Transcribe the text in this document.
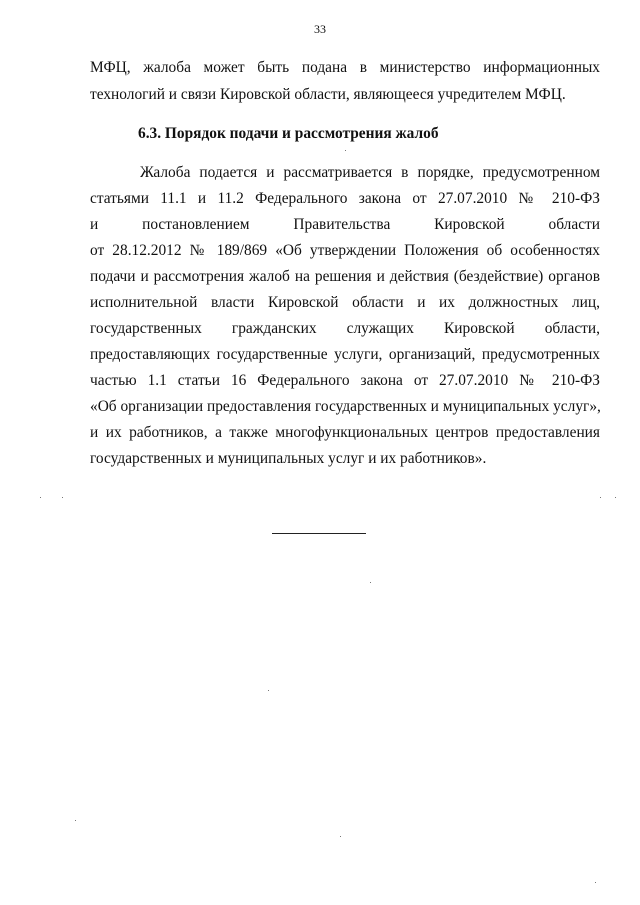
33
МФЦ, жалоба может быть подана в министерство информационных
технологий и связи Кировской области, являющееся учредителем МФЦ.
6.3. Порядок подачи и рассмотрения жалоб
Жалоба подается и рассматривается в порядке, предусмотренном
статьями 11.1 и 11.2 Федерального закона от 27.07.2010 № 210-ФЗ
и постановлением Правительства Кировской области
от 28.12.2012 № 189/869 «Об утверждении Положения об особенностях
подачи и рассмотрения жалоб на решения и действия (бездействие) органов
исполнительной власти Кировской области и их должностных лиц,
государственных гражданских служащих Кировской области,
предоставляющих государственные услуги, организаций, предусмотренных
частью 1.1 статьи 16 Федерального закона от 27.07.2010 № 210-ФЗ
«Об организации предоставления государственных и муниципальных услуг»,
и их работников, а также многофункциональных центров предоставления
государственных и муниципальных услуг и их работников».
